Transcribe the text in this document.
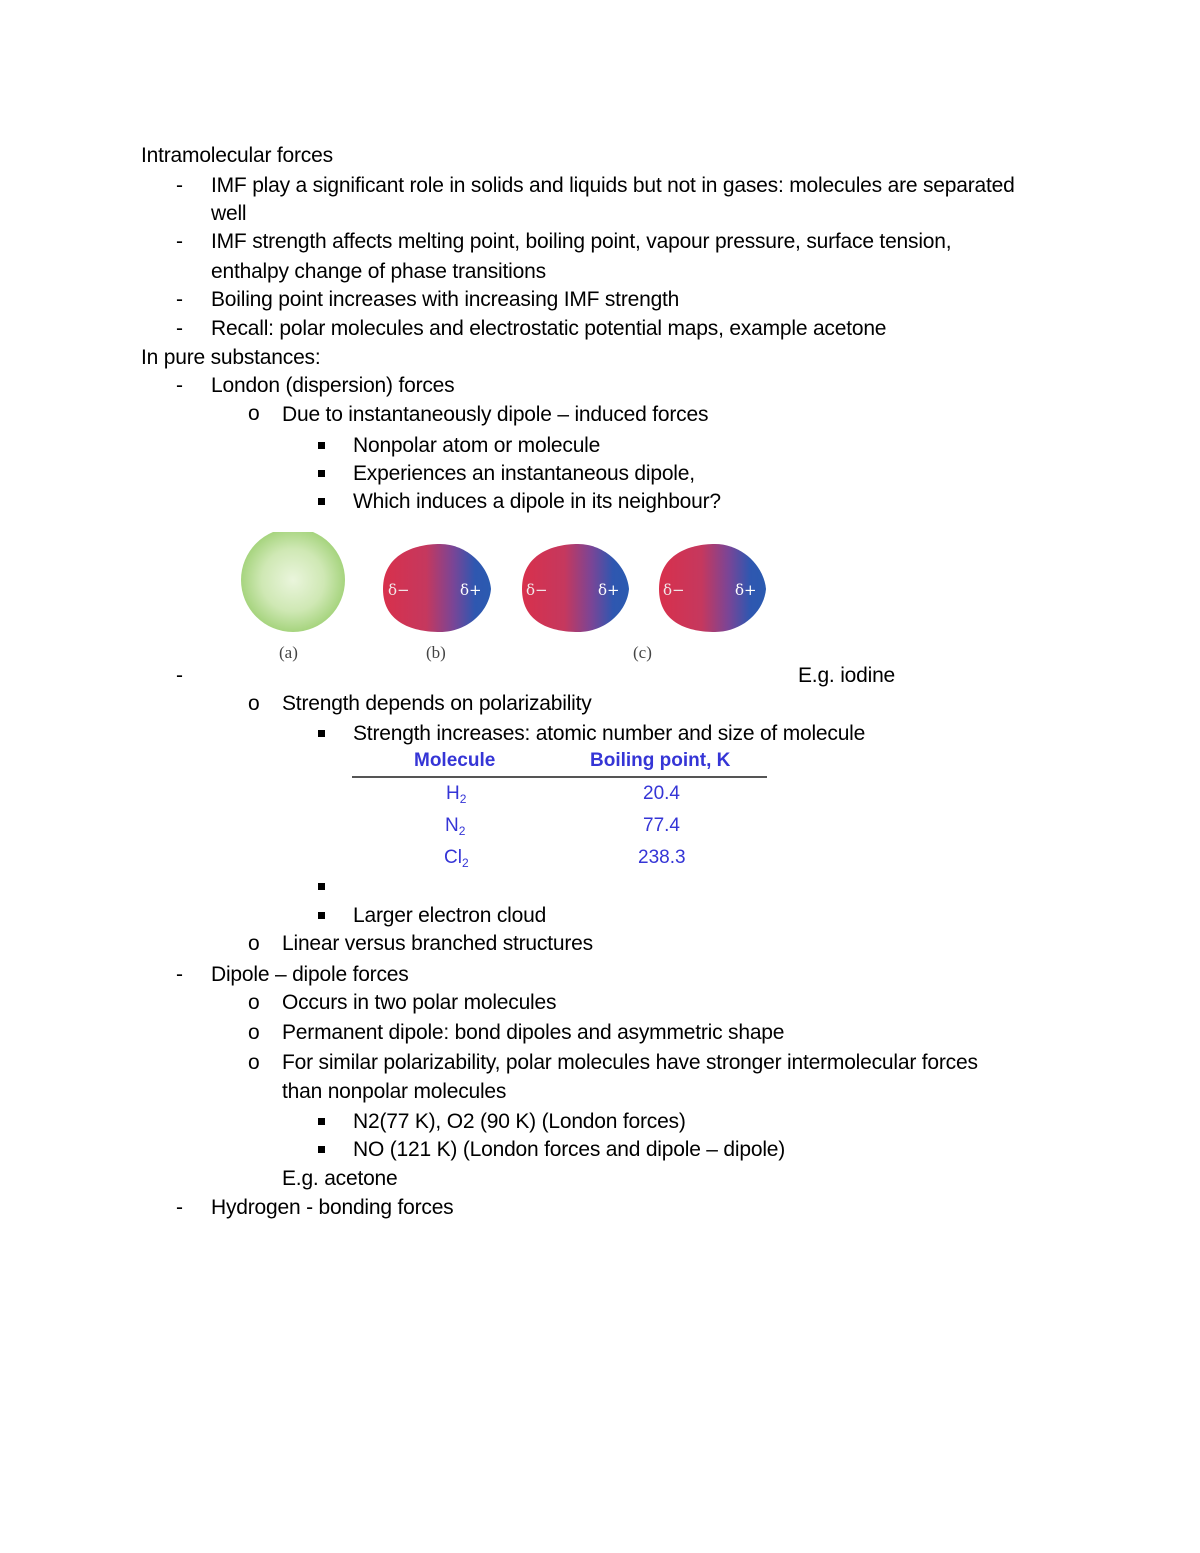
Intramolecular forces
- IMF play a significant role in solids and liquids but not in gases: molecules are separated
well
- IMF strength affects melting point, boiling point, vapour pressure, surface tension,
enthalpy change of phase transitions
- Boiling point increases with increasing IMF strength
- Recall: polar molecules and electrostatic potential maps, example acetone
In pure substances:
- London (dispersion) forces
o Due to instantaneously dipole – induced forces
Nonpolar atom or molecule
Experiences an instantaneous dipole,
Which induces a dipole in its neighbour?
δ−	δ+	δ−	δ+	δ−	δ+
(a)	(b)	(c)
-	E.g. iodine
o Strength depends on polarizability
Strength increases: atomic number and size of molecule
Molecule	Boiling point, K
$H_2$	20.4
$N_2$	77.4
$Cl_2$	238.3
Larger electron cloud
o Linear versus branched structures
- Dipole – dipole forces
o Occurs in two polar molecules
o Permanent dipole: bond dipoles and asymmetric shape
o For similar polarizability, polar molecules have stronger intermolecular forces
than nonpolar molecules
N2(77 K), O2 (90 K) (London forces)
NO (121 K) (London forces and dipole – dipole)
E.g. acetone
- Hydrogen - bonding forces
